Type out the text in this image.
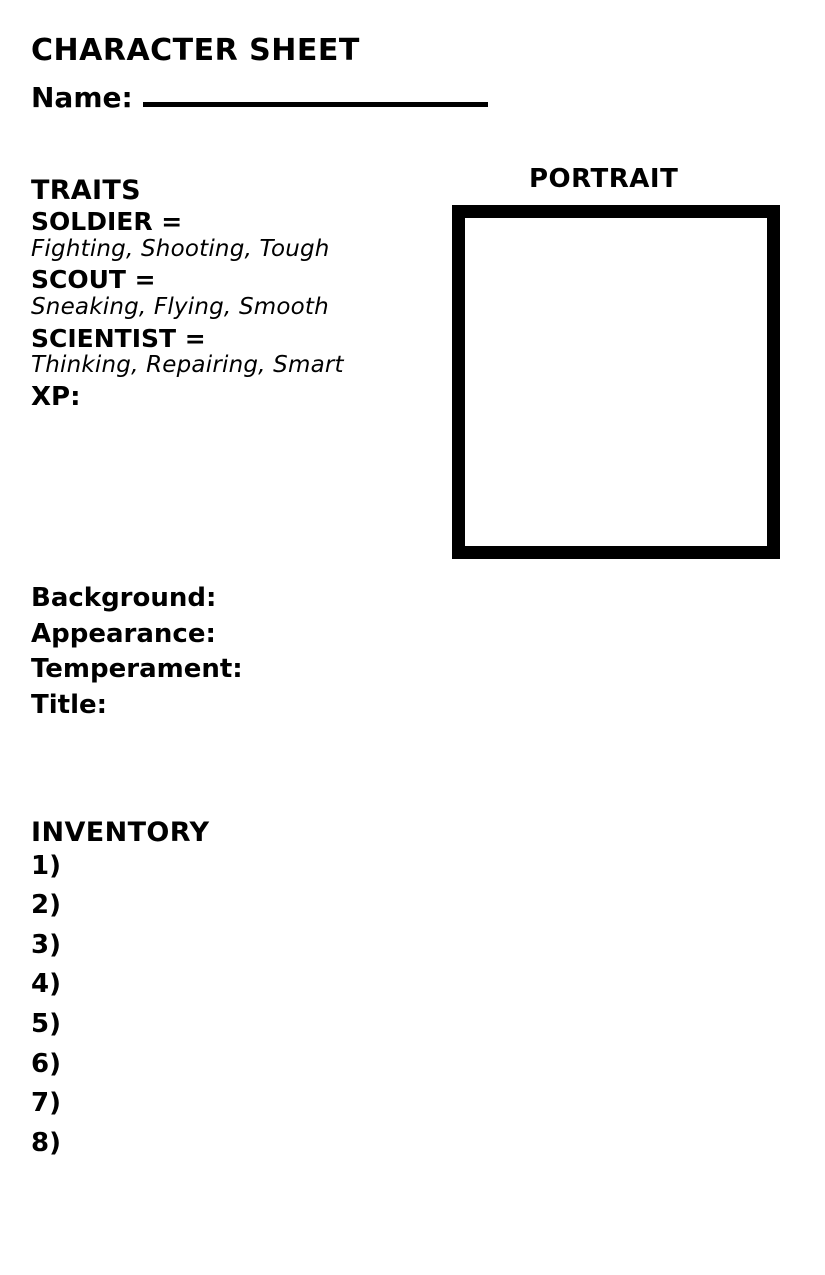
CHARACTER SHEET
Name:
TRAITS
SOLDIER =
Fighting, Shooting, Tough
SCOUT =
Sneaking, Flying, Smooth
SCIENTIST =
Thinking, Repairing, Smart
XP:
PORTRAIT
Background:
Appearance:
Temperament:
Title:
INVENTORY
1)
2)
3)
4)
5)
6)
7)
8)
